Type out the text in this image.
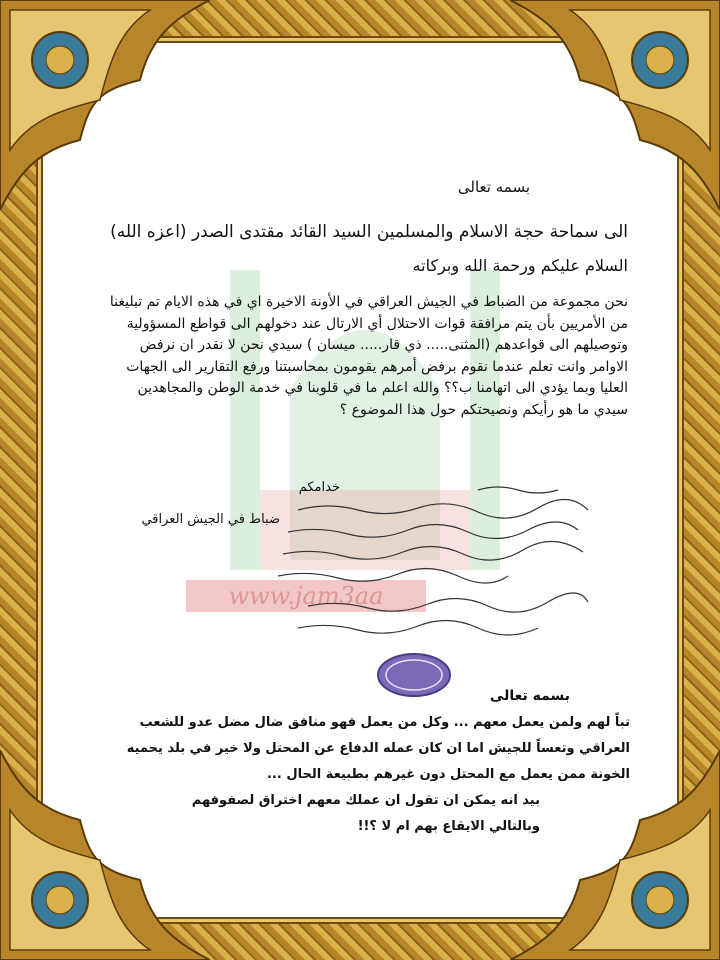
www.jam3aa
بسمه تعالى
الى سماحة حجة الاسلام والمسلمين السيد القائد مقتدى الصدر (اعزه الله)
السلام عليكم ورحمة الله وبركاته
نحن مجموعة من الضباط في الجيش العراقي في الأونة الاخيرة اي في هذه الايام تم تبليغنا من الأمريين بأن يتم مرافقة قوات الاحتلال أي الارتال عند دخولهم الى قواطع المسؤولية وتوصيلهم الى قواعدهم (المثنى..... ذي قار..... ميسان ) سيدي نحن لا نقدر ان نرفض الاوامر وانت تعلم عندما نقوم برفض أمرهم يقومون بمحاسبتنا ورفع التقارير الى الجهات العليا وبما يؤدي الى اتهامنا ب؟؟ والله اعلم ما في قلوبنا في خدمة الوطن والمجاهدين سيدي ما هو رأيكم ونصيحتكم حول هذا الموضوع ؟
خدامكم
ضباط في الجيش العراقي
بسمه تعالى
تباً لهم ولمن يعمل معهم ... وكل من يعمل فهو منافق ضال مضل عدو للشعب العراقي وتعساً للجيش اما ان كان عمله الدفاع عن المحتل ولا خير في بلد يحميه الخونة ممن يعمل مع المحتل دون غيرهم بطبيعة الحال ...
بيد انه يمكن ان تقول ان عملك معهم اختراق لصفوفهم وبالتالي الايقاع بهم ام لا ؟!!
